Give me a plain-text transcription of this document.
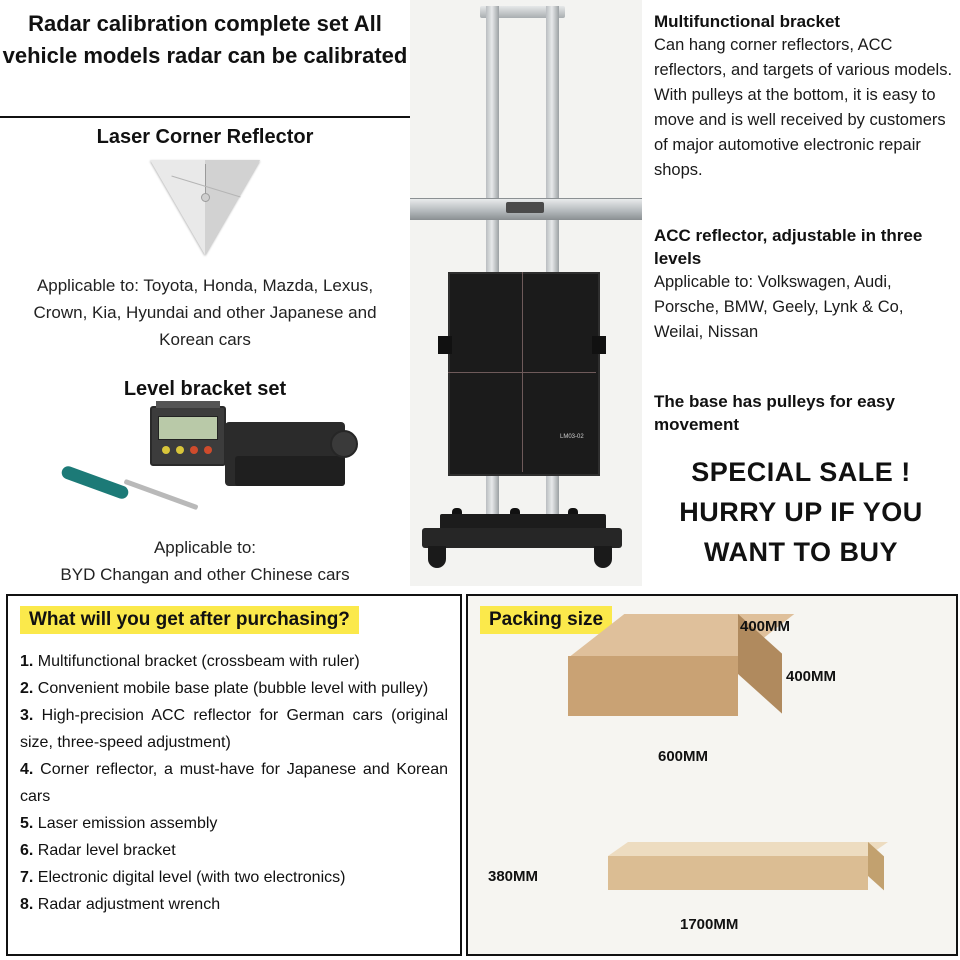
Radar calibration complete set All vehicle models radar can be calibrated
Laser Corner Reflector
Applicable to: Toyota, Honda, Mazda, Lexus, Crown, Kia, Hyundai and other Japanese and Korean cars
Level bracket set
Applicable to:
BYD Changan and other Chinese cars
LM03-02
Multifunctional bracket
Can hang corner reflectors, ACC reflectors, and targets of various models. With pulleys at the bottom, it is easy to move and is well received by customers of major automotive electronic repair shops.
ACC reflector, adjustable in three levels
Applicable to: Volkswagen, Audi, Porsche, BMW, Geely, Lynk & Co, Weilai, Nissan
The base has pulleys for easy movement
SPECIAL SALE !
HURRY UP IF YOU
WANT TO BUY
What will you get after purchasing?

1. Multifunctional bracket (crossbeam with ruler)

2. Convenient mobile base plate (bubble level with pulley)

3. High-precision ACC reflector for German cars (original size, three-speed adjustment)

4. Corner reflector, a must-have for Japanese and Korean cars

5. Laser emission assembly

6. Radar level bracket

7. Electronic digital level (with two electronics)

8. Radar adjustment wrench

Packing size	400MM
400MM
600MM
380MM
1700MM
